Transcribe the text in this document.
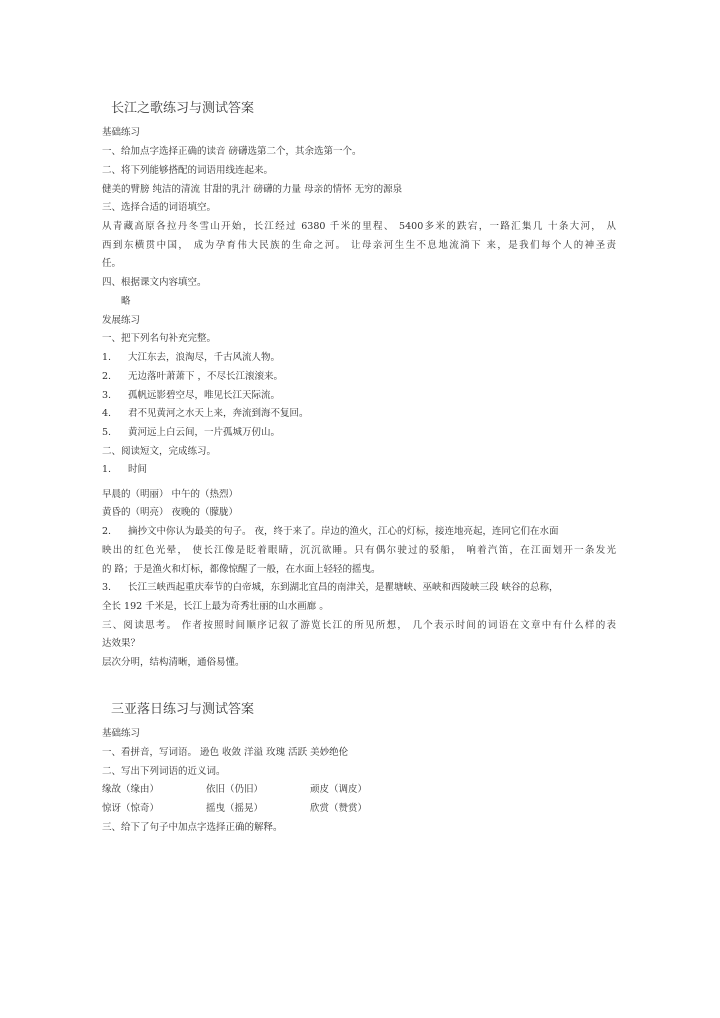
长江之歌练习与测试答案
基础练习
一、给加点字选择正确的读音 磅礴选第二个，其余选第一个。
二、将下列能够搭配的词语用线连起来。
健美的臂膀 纯洁的清流 甘甜的乳汁 磅礴的力量 母亲的情怀 无穷的源泉
三、选择合适的词语填空。
从青藏高原各拉丹冬雪山开始，长江经过 6380 千米的里程、 5400多米的跌宕，一路汇集几 十条大河， 从
西到东横贯中国， 成为孕育伟大民族的生命之河。 让母亲河生生不息地流淌下 来，是我们每个人的神圣责
任。
四、根据课文内容填空。
略
发展练习
一、把下列名句补充完整。
1. 大江东去，浪淘尽，千古风流人物。
2. 无边落叶萧萧下 ，不尽长江滚滚来。
3. 孤帆远影碧空尽，唯见长江天际流。
4. 君不见黄河之水天上来，奔流到海不复回。
5. 黄河远上白云间，一片孤城万仞山。
二、阅读短文，完成练习。
1. 时间
早晨的（明丽） 中午的（热烈）
黄昏的（明亮） 夜晚的（朦胧）
2. 摘抄文中你认为最美的句子。 夜，终于来了。岸边的渔火，江心的灯标，接连地亮起，连同它们在水面
映出的红色光晕， 使长江像是眨着眼睛，沉沉欲睡。只有偶尔驶过的驳船， 响着汽笛，在江面划开一条发光
的 路；于是渔火和灯标，都像惊醒了一般，在水面上轻轻的摇曳。
3. 长江三峡西起重庆奉节的白帝城，东到湖北宜昌的南津关，是瞿塘峡、巫峡和西陵峡三段 峡谷的总称，
全长 192 千米是，长江上最为奇秀壮丽的山水画廊 。
三、阅读思考。 作者按照时间顺序记叙了游览长江的所见所想， 几个表示时间的词语在文章中有什么样的表
达效果？
层次分明，结构清晰，通俗易懂。
三亚落日练习与测试答案
基础练习
一、看拼音，写词语。 逊色 收敛 洋溢 玫瑰 活跃 美妙绝伦
二、写出下列词语的近义词。
缘故（缘由）	依旧（仍旧）	顽皮（调皮）
惊讶（惊奇）	摇曳（摇晃）	欣赏（赞赏）
三、给下了句子中加点字选择正确的解释。
